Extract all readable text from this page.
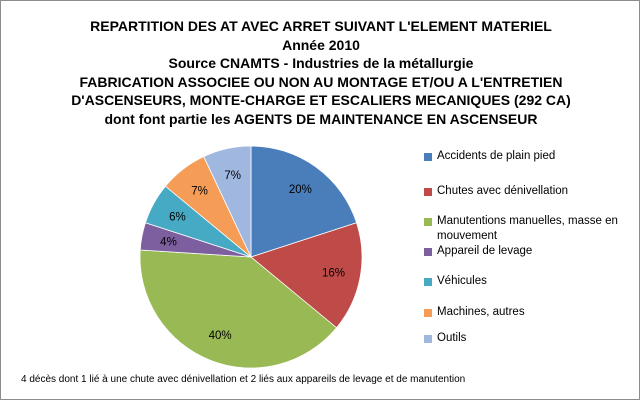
REPARTITION DES AT AVEC ARRET SUIVANT L'ELEMENT MATERIEL
Année 2010
Source CNAMTS - Industries de la métallurgie
FABRICATION ASSOCIEE OU NON AU MONTAGE ET/OU A L'ENTRETIEN
D'ASCENSEURS, MONTE-CHARGE ET ESCALIERS MECANIQUES (292 CA)
dont font partie les AGENTS DE MAINTENANCE EN ASCENSEUR
20%
16%
40%
4%
6%
7%
7%
Accidents de plain pied
Chutes avec dénivellation
Manutentions manuelles, masse en mouvement
Appareil de levage
Véhicules
Machines, autres
Outils
4 décès dont 1 lié à une chute avec dénivellation et 2 liés aux appareils de levage et de manutention
